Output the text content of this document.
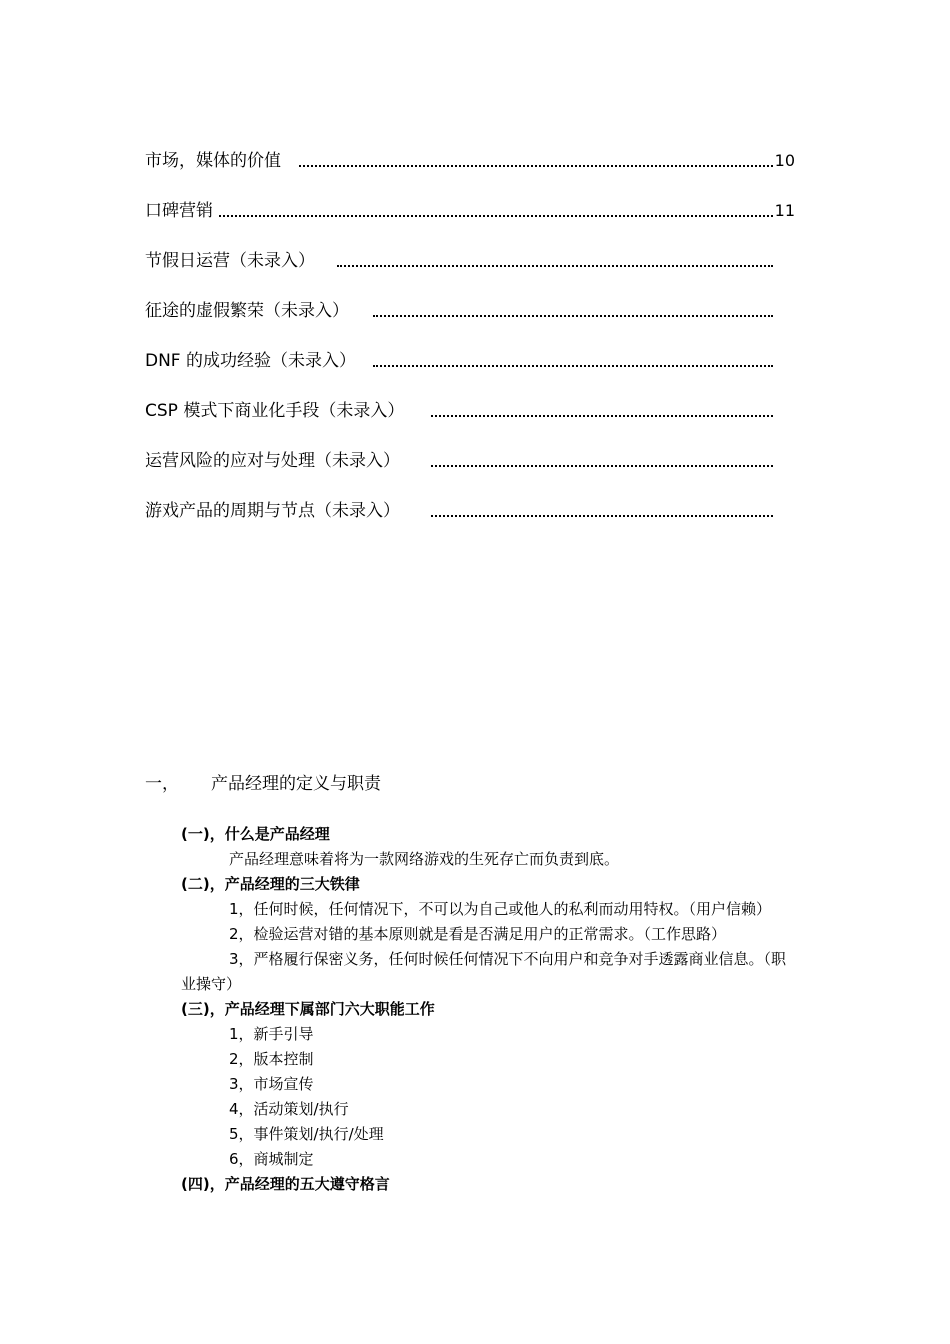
市场，媒体的价值	10
口碑营销	11
节假日运营（未录入）
征途的虚假繁荣（未录入）
DNF 的成功经验（未录入）
CSP 模式下商业化手段（未录入）
运营风险的应对与处理（未录入）
游戏产品的周期与节点（未录入）
一， 产品经理的定义与职责
(一)，什么是产品经理
产品经理意味着将为一款网络游戏的生死存亡而负责到底。
(二)，产品经理的三大铁律
1，任何时候，任何情况下，不可以为自己或他人的私利而动用特权。（用户信赖）
2，检验运营对错的基本原则就是看是否满足用户的正常需求。（工作思路）
3，严格履行保密义务，任何时候任何情况下不向用户和竞争对手透露商业信息。（职业操守）
(三)，产品经理下属部门六大职能工作
1，新手引导
2，版本控制
3，市场宣传
4，活动策划/执行
5，事件策划/执行/处理
6，商城制定
(四)，产品经理的五大遵守格言
